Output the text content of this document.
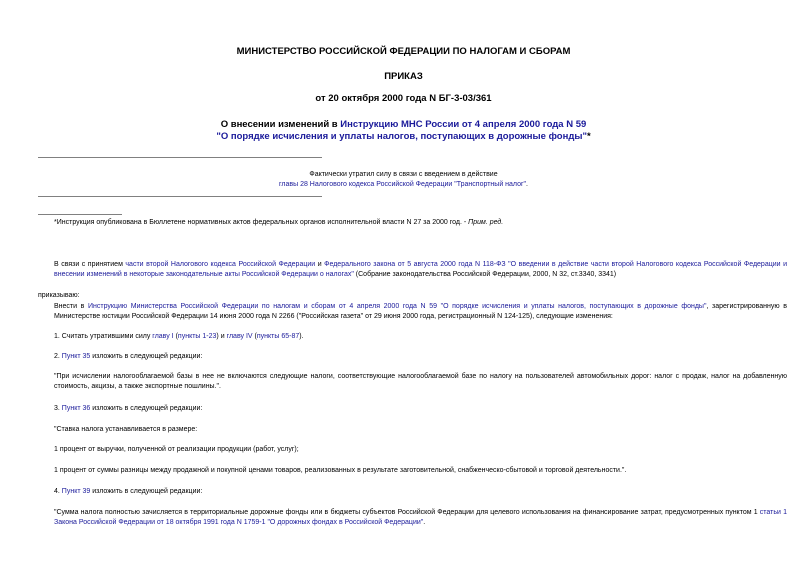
МИНИСТЕРСТВО РОССИЙСКОЙ ФЕДЕРАЦИИ ПО НАЛОГАМ И СБОРАМ
ПРИКАЗ
от 20 октября 2000 года N БГ-3-03/361
О внесении изменений в Инструкцию МНС России от 4 апреля 2000 года N 59
"О порядке исчисления и уплаты налогов, поступающих в дорожные фонды"*
Фактически утратил силу в связи с введением в действие
главы 28 Налогового кодекса Российской Федерации "Транспортный налог".
*Инструкция опубликована в Бюллетене нормативных актов федеральных органов исполнительной власти N 27 за 2000 год. - Прим. ред.
В связи с принятием части второй Налогового кодекса Российской Федерации и Федерального закона от 5 августа 2000 года N 118-ФЗ "О введении в действие части второй Налогового кодекса Российской Федерации и внесении изменений в некоторые законодательные акты Российской Федерации о налогах" (Собрание законодательства Российской Федерации, 2000, N 32, ст.3340, 3341)
приказываю:
Внести в Инструкцию Министерства Российской Федерации по налогам и сборам от 4 апреля 2000 года N 59 "О порядке исчисления и уплаты налогов, поступающих в дорожные фонды", зарегистрированную в Министерстве юстиции Российской Федерации 14 июня 2000 года N 2266 ("Российская газета" от 29 июня 2000 года, регистрационный N 124-125), следующие изменения:
1. Считать утратившими силу главу I (пункты 1-23) и главу IV (пункты 65-87).
2. Пункт 35 изложить в следующей редакции:
"При исчислении налогооблагаемой базы в нее не включаются следующие налоги, соответствующие налогооблагаемой базе по налогу на пользователей автомобильных дорог: налог с продаж, налог на добавленную стоимость, акцизы, а также экспортные пошлины.".
3. Пункт 36 изложить в следующей редакции:
"Ставка налога устанавливается в размере:
1 процент от выручки, полученной от реализации продукции (работ, услуг);
1 процент от суммы разницы между продажной и покупной ценами товаров, реализованных в результате заготовительной, снабженческо-сбытовой и торговой деятельности.".
4. Пункт 39 изложить в следующей редакции:
"Сумма налога полностью зачисляется в территориальные дорожные фонды или в бюджеты субъектов Российской Федерации для целевого использования на финансирование затрат, предусмотренных пунктом 1 статьи 1 Закона Российской Федерации от 18 октября 1991 года N 1759-1 "О дорожных фондах в Российской Федерации".
